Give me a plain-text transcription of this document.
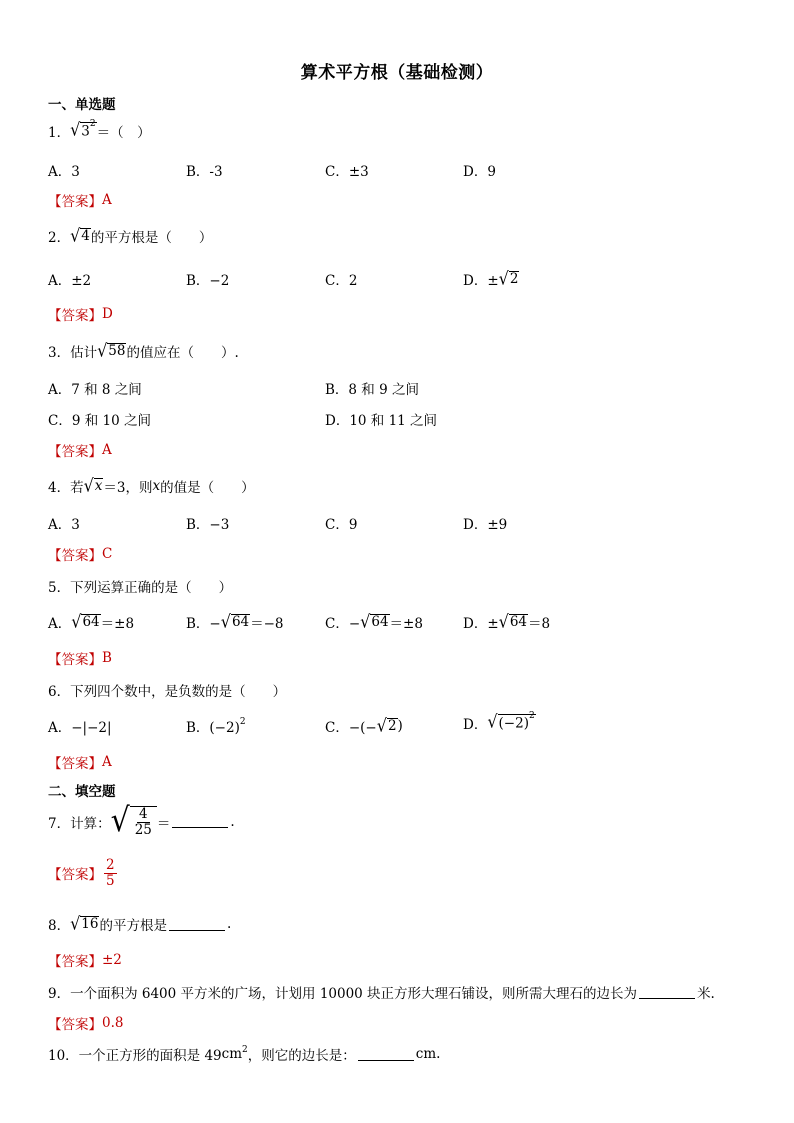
算术平方根（基础检测）
一、单选题
1． √ $3^2$
＝（　）
A．3	B．-3	C．±3	D．9
【答案】 A
2． √ 4 的平方根是（　　）
A．±2	B．−2	C．2	D．± √ 2
【答案】 D
3．估计 √ 58 的值应在（　　）.
A．7 和 8 之间	B．8 和 9 之间
C．9 和 10 之间	D．10 和 11 之间
【答案】 A
4．若 √ x ＝3，则 x 的值是（　　）
A．3	B．−3	C．9	D．±9
【答案】 C
5．下列运算正确的是（　　）
A． √ 64 ＝±8	B．− √ 64 ＝−8	C．− √ 64 ＝±8	D．± √ 64 ＝8
【答案】 B
6．下列四个数中，是负数的是（　　）
A．−|−2|	B．(−2) 2	C．−(− √ 2 )	D． √ $(-2)^2$
【答案】 A
二、填空题
7．计算： √ $\frac{4}{25}$ ＝	.
【答案】 $\frac{2}{5}$
8． √ 16 的平方根是	.
【答案】 ±2
9．一个面积为 6400 平方米的广场，计划用 10000 块正方形大理石铺设，则所需大理石的边长为	米.
【答案】 0.8
10．一个正方形的面积是 49 cm 2 ，则它的边长是：	cm.
